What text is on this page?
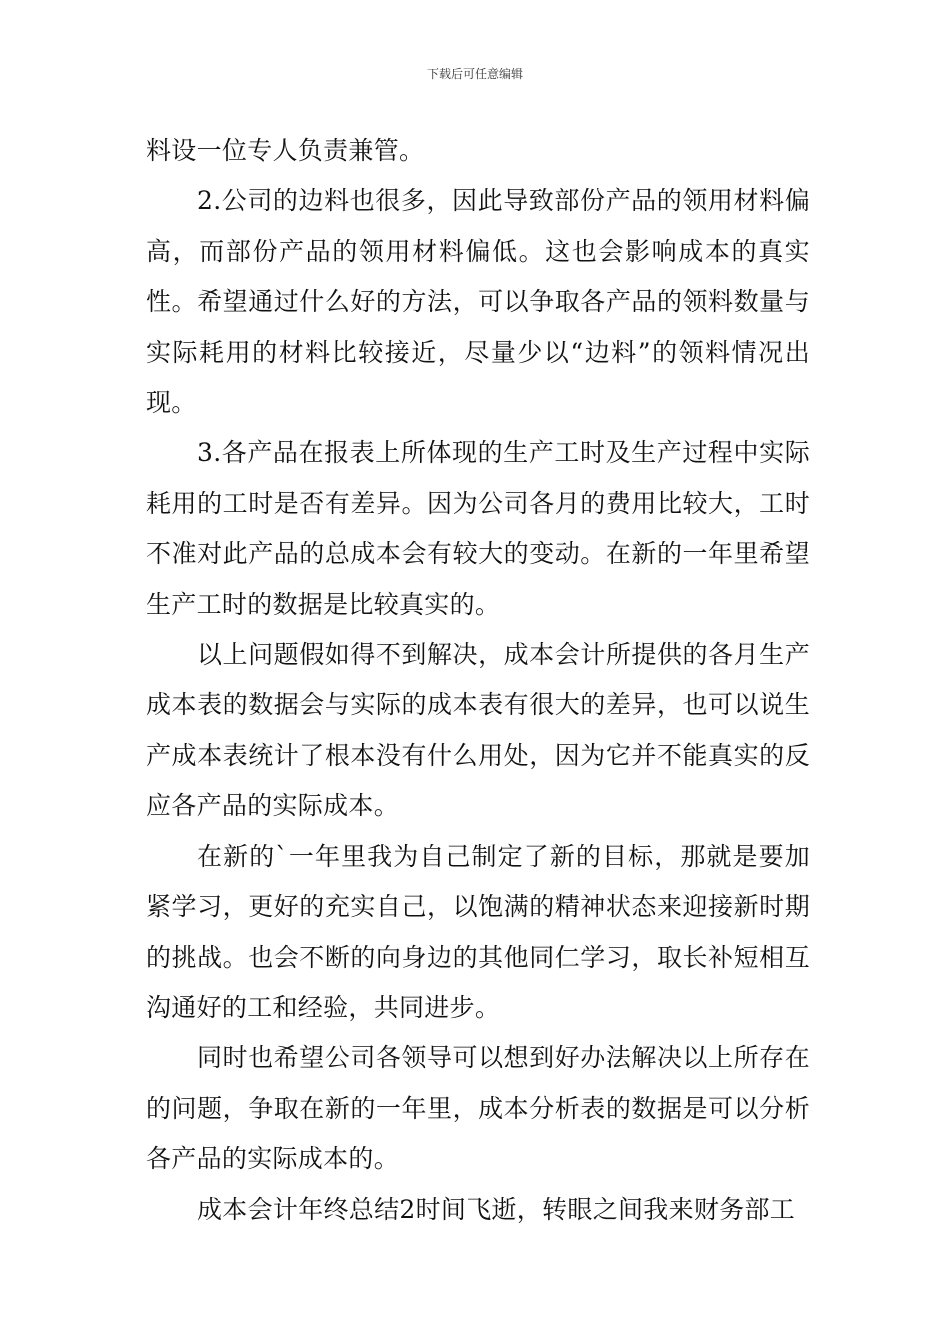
下载后可任意编辑

料设一位专人负责兼管。

2.公司的边料也很多，因此导致部份产品的领用材料偏高，而部份产品的领用材料偏低。这也会影响成本的真实性。希望通过什么好的方法，可以争取各产品的领料数量与实际耗用的材料比较接近，尽量少以“边料”的领料情况出现。

3.各产品在报表上所体现的生产工时及生产过程中实际耗用的工时是否有差异。因为公司各月的费用比较大，工时不准对此产品的总成本会有较大的变动。在新的一年里希望生产工时的数据是比较真实的。

以上问题假如得不到解决，成本会计所提供的各月生产成本表的数据会与实际的成本表有很大的差异，也可以说生产成本表统计了根本没有什么用处，因为它并不能真实的反应各产品的实际成本。

在新的`一年里我为自己制定了新的目标，那就是要加紧学习，更好的充实自己，以饱满的精神状态来迎接新时期的挑战。也会不断的向身边的其他同仁学习，取长补短相互沟通好的工和经验，共同进步。

同时也希望公司各领导可以想到好办法解决以上所存在的问题，争取在新的一年里，成本分析表的数据是可以分析各产品的实际成本的。

成本会计年终总结2时间飞逝，转眼之间我来财务部工
